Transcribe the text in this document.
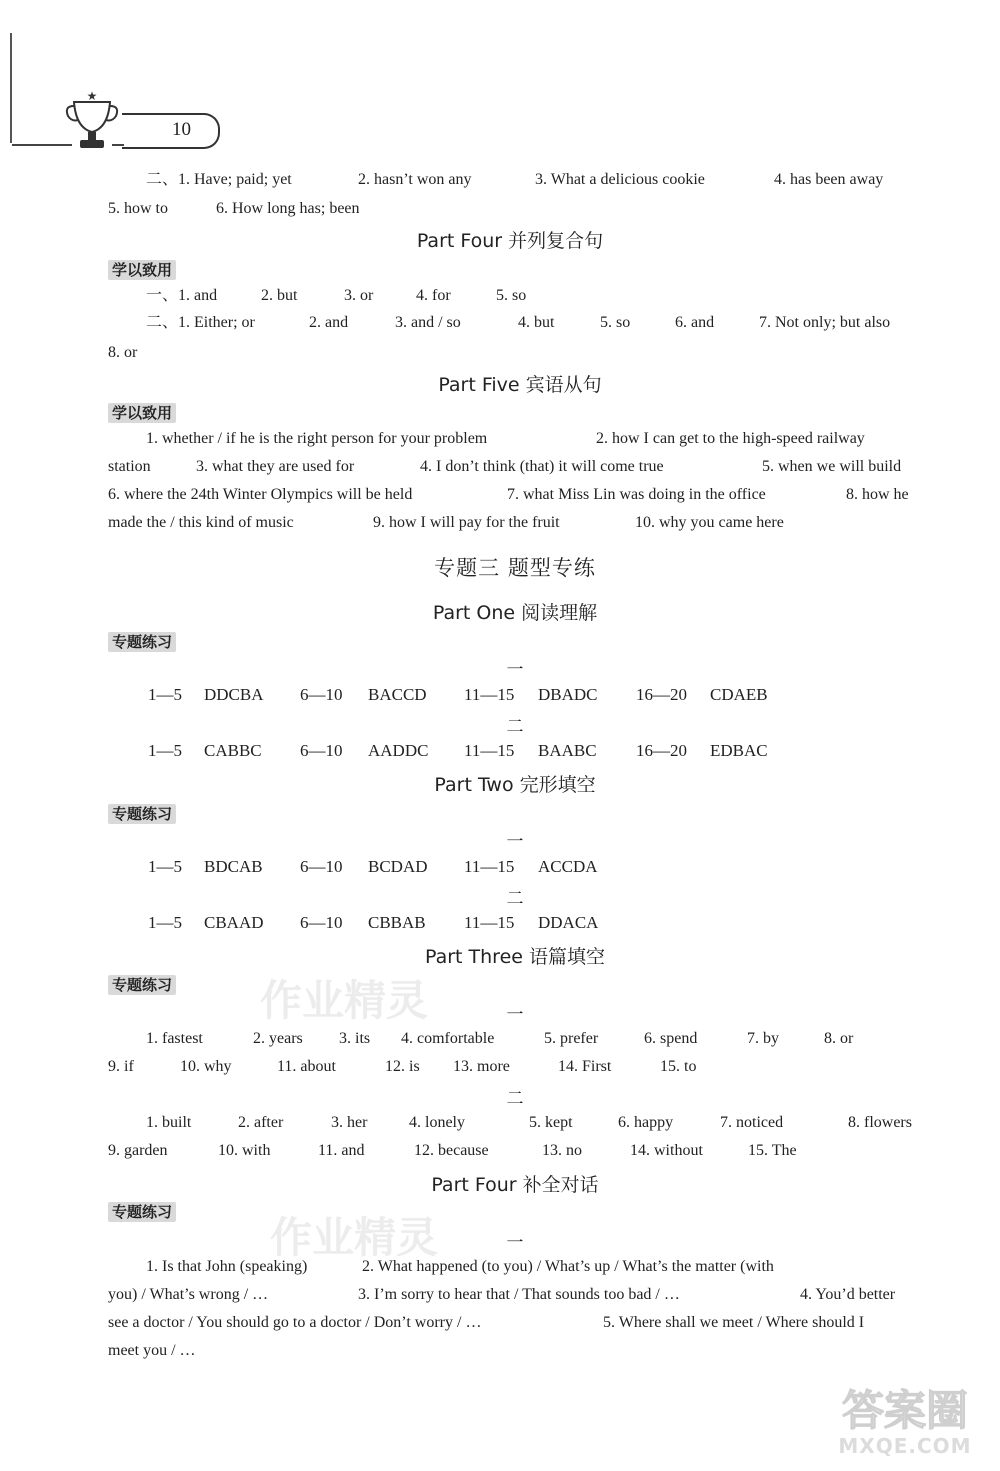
★
10
二、1. Have; paid; yet	2. hasn’t won any	3. What a delicious cookie	4. has been away
5. how to	6. How long has; been
Part Four 并列复合句
学以致用
一、1. and	2. but	3. or	4. for	5. so
二、1. Either; or	2. and	3. and / so	4. but	5. so	6. and	7. Not only; but also
8. or
Part Five 宾语从句
学以致用
1. whether / if he is the right person for your problem	2. how I can get to the high-speed railway
station	3. what they are used for	4. I don’t think (that) it will come true	5. when we will build
6. where the 24th Winter Olympics will be held	7. what Miss Lin was doing in the office	8. how he
made the / this kind of music	9. how I will pay for the fruit	10. why you came here
专题三 题型专练
Part One 阅读理解
专题练习
一
1—5 DDCBA 6—10 BACCD 11—15 DBADC 16—20 CDAEB
二
1—5 CABBC 6—10 AADDC 11—15 BAABC 16—20 EDBAC
Part Two 完形填空
专题练习
一
1—5 BDCAB 6—10 BCDAD 11—15 ACCDA
二
1—5 CBAAD 6—10 CBBAB 11—15 DDACA
Part Three 语篇填空
专题练习 作业精灵	一
1. fastest	2. years 3. its 4. comfortable	5. prefer	6. spend	7. by	8. or
9. if	10. why	11. about	12. is 13. more	14. First	15. to
二
1. built	2. after	3. her	4. lonely	5. kept	6. happy	7. noticed	8. flowers
9. garden	10. with	11. and	12. because	13. no	14. without	15. The
Part Four 补全对话
专题练习
作业精灵	一
1. Is that John (speaking)	2. What happened (to you) / What’s up / What’s the matter (with
you) / What’s wrong / …	3. I’m sorry to hear that / That sounds too bad / …	4. You’d better
see a doctor / You should go to a doctor / Don’t worry / …	5. Where shall we meet / Where should I
meet you / …
答案圈
MXQE.COM
